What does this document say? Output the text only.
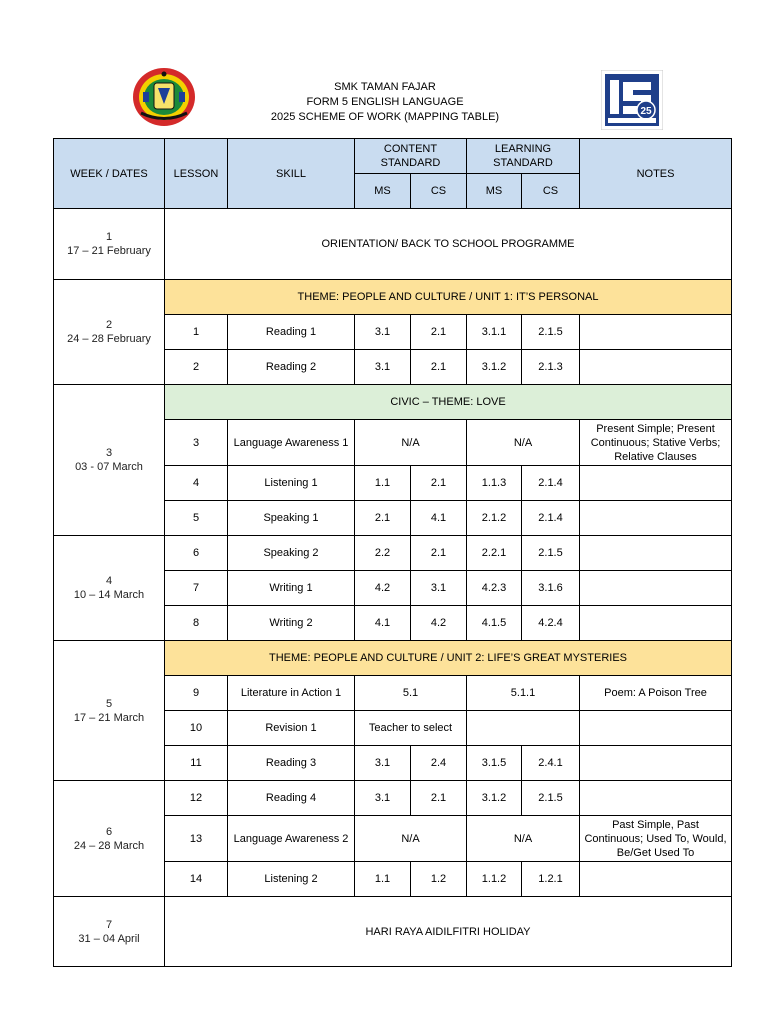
SMK TAMAN FAJAR
FORM 5 ENGLISH LANGUAGE
2025 SCHEME OF WORK (MAPPING TABLE)	25
WEEK / DATES	LESSON	SKILL	CONTENT STANDARD		LEARNING STANDARD		NOTES
			MS	CS	MS	CS	

1
17 – 21 February	ORIENTATION/ BACK TO SCHOOL PROGRAMME						

2
24 – 28 February	THEME: PEOPLE AND CULTURE / UNIT 1: IT’S PERSONAL						
	1	Reading 1	3.1	2.1	3.1.1	2.1.5	
	2	Reading 2	3.1	2.1	3.1.2	2.1.3	

3
03 - 07 March	CIVIC – THEME: LOVE						
	3	Language Awareness 1	N/A		N/A		Present Simple; Present Continuous; Stative Verbs; Relative Clauses
	4	Listening 1	1.1	2.1	1.1.3	2.1.4	
	5	Speaking 1	2.1	4.1	2.1.2	2.1.4	

4
10 – 14 March	6	Speaking 2	2.2	2.1	2.2.1	2.1.5	
	7	Writing 1	4.2	3.1	4.2.3	3.1.6	
	8	Writing 2	4.1	4.2	4.1.5	4.2.4	

5
17 – 21 March	THEME: PEOPLE AND CULTURE / UNIT 2: LIFE’S GREAT MYSTERIES						
	9	Literature in Action 1	5.1		5.1.1		Poem: A Poison Tree
	10	Revision 1	Teacher to select				
	11	Reading 3	3.1	2.4	3.1.5	2.4.1	

6
24 – 28 March	12	Reading 4	3.1	2.1	3.1.2	2.1.5	
	13	Language Awareness 2	N/A		N/A		Past Simple, Past Continuous; Used To, Would, Be/Get Used To
	14	Listening 2	1.1	1.2	1.1.2	1.2.1	

7
31 – 04 April	HARI RAYA AIDILFITRI HOLIDAY						
